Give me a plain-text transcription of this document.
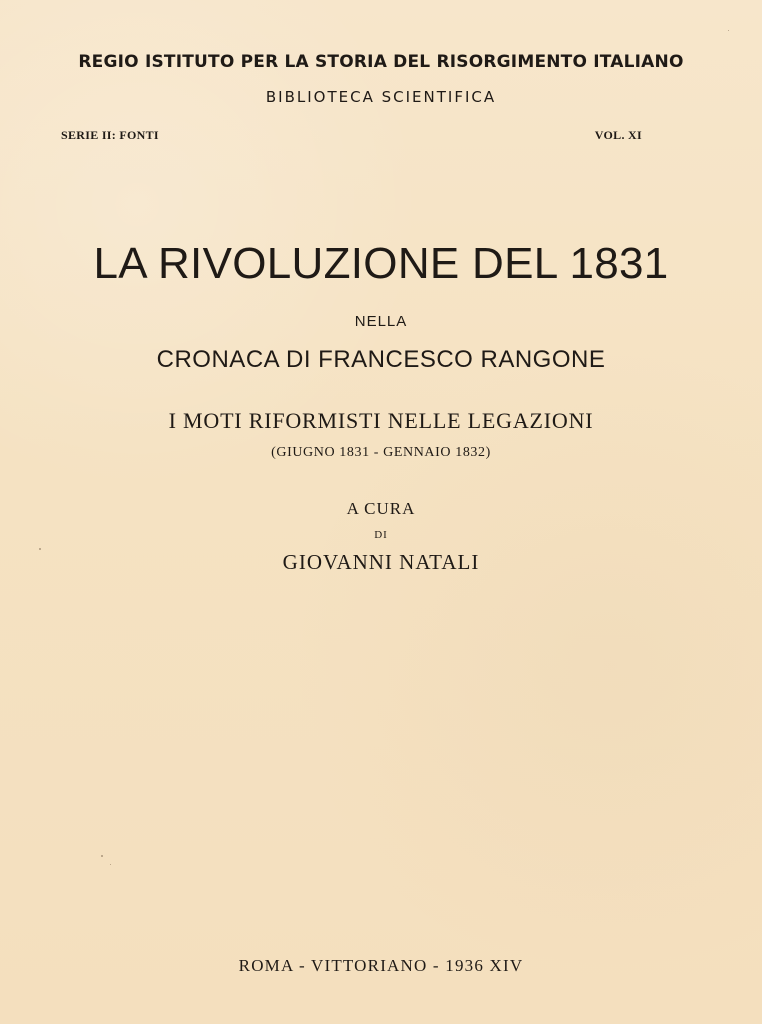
REGIO ISTITUTO PER LA STORIA DEL RISORGIMENTO ITALIANO
BIBLIOTECA SCIENTIFICA
SERIE II: FONTI	VOL. XI
LA RIVOLUZIONE DEL 1831
NELLA
CRONACA DI FRANCESCO RANGONE
I MOTI RIFORMISTI NELLE LEGAZIONI
(GIUGNO 1831 - GENNAIO 1832)
A CURA
DI
GIOVANNI NATALI
ROMA - VITTORIANO - 1936 XIV
